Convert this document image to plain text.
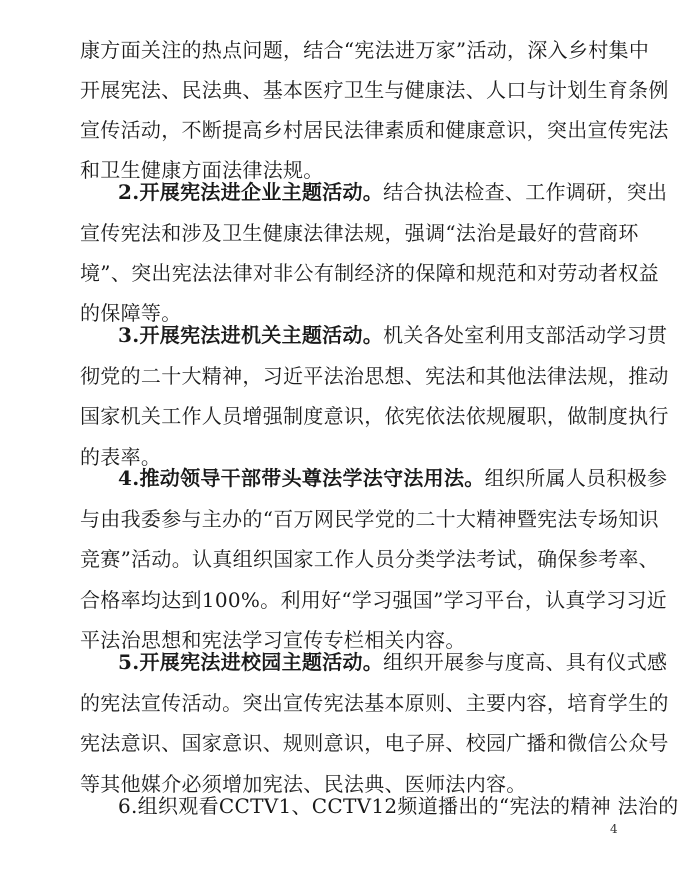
康方面关注的热点问题，结合“宪法进万家”活动，深入乡村集中
开展宪法、民法典、基本医疗卫生与健康法、人口与计划生育条例
宣传活动，不断提高乡村居民法律素质和健康意识，突出宣传宪法
和卫生健康方面法律法规。
2.开展宪法进企业主题活动。结合执法检查、工作调研，突出
宣传宪法和涉及卫生健康法律法规，强调“法治是最好的营商环
境”、突出宪法法律对非公有制经济的保障和规范和对劳动者权益
的保障等。
3.开展宪法进机关主题活动。机关各处室利用支部活动学习贯
彻党的二十大精神，习近平法治思想、宪法和其他法律法规，推动
国家机关工作人员增强制度意识，依宪依法依规履职，做制度执行
的表率。
4.推动领导干部带头尊法学法守法用法。组织所属人员积极参
与由我委参与主办的“百万网民学党的二十大精神暨宪法专场知识
竞赛”活动。认真组织国家工作人员分类学法考试，确保参考率、
合格率均达到100%。利用好“学习强国”学习平台，认真学习习近
平法治思想和宪法学习宣传专栏相关内容。
5.开展宪法进校园主题活动。组织开展参与度高、具有仪式感
的宪法宣传活动。突出宣传宪法基本原则、主要内容，培育学生的
宪法意识、国家意识、规则意识，电子屏、校园广播和微信公众号
等其他媒介必须增加宪法、民法典、医师法内容。
6.组织观看CCTV1、CCTV12频道播出的“宪法的精神 法治的
4
